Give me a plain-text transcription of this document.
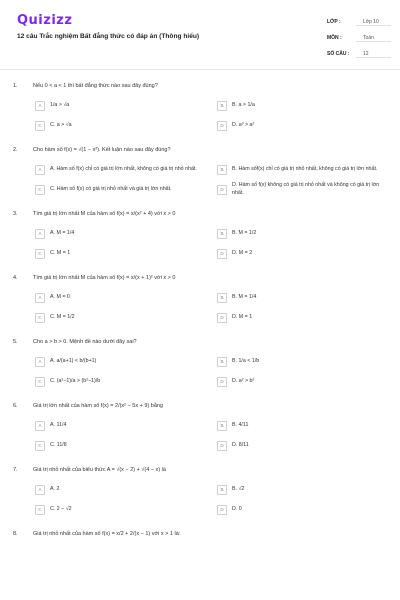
Quizizz
12 câu Trắc nghiệm Bất đẳng thức có đáp án (Thông hiểu)
LỚP :	Lớp 10
MÔN :	Toán
SỐ CÂU :	12
1.	Nếu 0 < a < 1 thì bất đẳng thức nào sau đây đúng?
A	1/a > √a	B	B. a > 1/a
C	C. a > √a	D	D. a³ > a²
2.	Cho hàm số f(x) = √(1 − x²). Kết luận nào sau đây đúng?
A	A. Hàm số f(x) chỉ có giá trị lớn nhất, không có giá trị nhỏ nhất.	B	B. Hàm sốf(x) chỉ có giá trị nhỏ nhất, không có giá trị lớn nhất.
C	C. Hàm số f(x) có giá trị nhỏ nhất và giá trị lớn nhất.	D
D. Hàm số f(x) không có giá trị nhỏ nhất và không có giá trị lớn nhất.
3.	Tìm giá trị lớn nhất M của hàm số f(x) = x/(x² + 4) với x > 0
A	A. M = 1/4	B	B. M = 1/2
C	C. M = 1	D	D. M = 2
4.	Tìm giá trị lớn nhất M của hàm số f(x) = x/(x + 1)² với x > 0
A	A. M = 0	B	B. M = 1/4
C	C. M = 1/2	D	D. M = 1
5.	Cho a > b > 0. Mệnh đề nào dưới đây sai?
A	A. a/(a+1) < b/(b+1)	B	B. 1/a < 1/b
C	C. (a²−1)/a > (b²−1)/b	D	D. a² > b²
6.	Giá trị lớn nhất của hàm số f(x) = 2/(x² − 5x + 9) bằng
A	A. 11/4	B	B. 4/11
C	C. 11/8	D	D. 8/11
7.	Giá trị nhỏ nhất của biểu thức A = √(x − 2) + √(4 − x) là
A	A. 2	B	B. √2
C	C. 2 − √2	D	D. 0
8.	Giá trị nhỏ nhất của hàm số f(x) = x/2 + 2/(x − 1) với x > 1 là:
